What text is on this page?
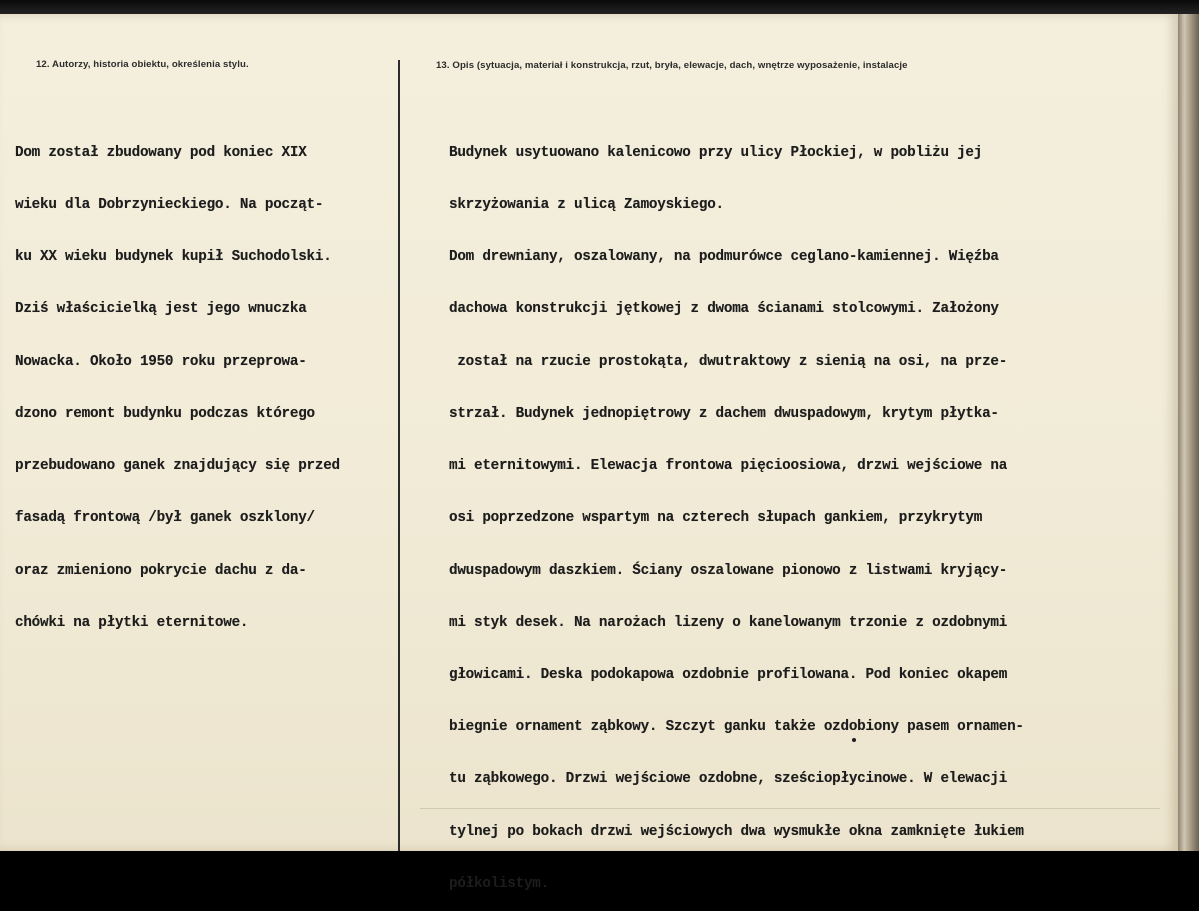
12. Autorzy, historia obiektu, określenia stylu.	13. Opis (sytuacja, materiał i konstrukcja, rzut, bryła, elewacje, dach, wnętrze wyposażenie, instalacje

Dom został zbudowany pod koniec XIX

wieku dla Dobrzynieckiego. Na począt-

ku XX wieku budynek kupił Suchodolski.

Dziś właścicielką jest jego wnuczka

Nowacka. Około 1950 roku przeprowa-

dzono remont budynku podczas którego

przebudowano ganek znajdujący się przed

fasadą frontową /był ganek oszklony/

oraz zmieniono pokrycie dachu z da-

chówki na płytki eternitowe.

Budynek usytuowano kalenicowo przy ulicy Płockiej, w pobliżu jej

skrzyżowania z ulicą Zamoyskiego.

Dom drewniany, oszalowany, na podmurówce ceglano-kamiennej. Więźba

dachowa konstrukcji jętkowej z dwoma ścianami stolcowymi. Założony

został na rzucie prostokąta, dwutraktowy z sienią na osi, na prze-

strzał. Budynek jednopiętrowy z dachem dwuspadowym, krytym płytka-

mi eternitowymi. Elewacja frontowa pięcioosiowa, drzwi wejściowe na

osi poprzedzone wspartym na czterech słupach gankiem, przykrytym

dwuspadowym daszkiem. Ściany oszalowane pionowo z listwami kryjący-

mi styk desek. Na narożach lizeny o kanelowanym trzonie z ozdobnymi

głowicami. Deska podokapowa ozdobnie profilowana. Pod koniec okapem

biegnie ornament ząbkowy. Szczyt ganku także ozdobiony pasem ornamen-

tu ząbkowego. Drzwi wejściowe ozdobne, sześciopłycinowe. W elewacji

tylnej po bokach drzwi wejściowych dwa wysmukłe okna zamknięte łukiem

półkolistym.
